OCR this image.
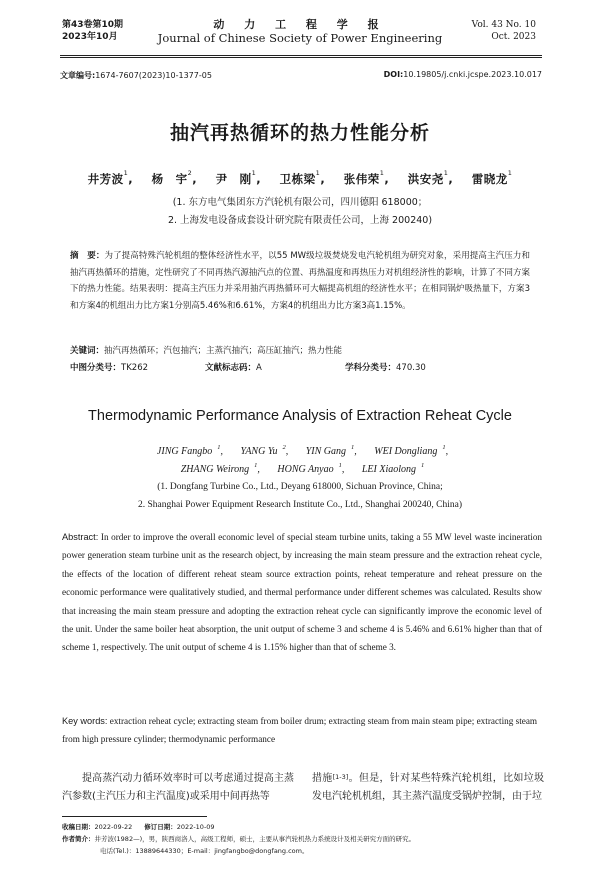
第43卷第10期
2023年10月
动 力 工 程 学 报
Journal of Chinese Society of Power Engineering
Vol. 43 No. 10
Oct. 2023
文章编号:1674-7607(2023)10-1377-05	DOI:10.19805/j.cnki.jcspe.2023.10.017
抽汽再热循环的热力性能分析
井芳波$^1$, 杨　宇$^2$, 尹　刚$^1$, 卫栋梁$^1$, 张伟荣$^1$, 洪安尧$^1$, 雷晓龙$^1$
(1. 东方电气集团东方汽轮机有限公司，四川德阳 618000；
2. 上海发电设备成套设计研究院有限责任公司，上海 200240)
摘　要：为了提高特殊汽轮机组的整体经济性水平，以55 MW级垃圾焚烧发电汽轮机组为研究对象，采用提高主汽压力和抽汽再热循环的措施，定性研究了不同再热汽源抽汽点的位置、再热温度和再热压力对机组经济性的影响，计算了不同方案下的热力性能。结果表明：提高主汽压力并采用抽汽再热循环可大幅提高机组的经济性水平；在相同锅炉吸热量下，方案3和方案4的机组出力比方案1分别高5.46%和6.61%，方案4的机组出力比方案3高1.15%。
关键词：抽汽再热循环；汽包抽汽；主蒸汽抽汽；高压缸抽汽；热力性能
中图分类号：TK262	文献标志码：A	学科分类号：470.30
Thermodynamic Performance Analysis of Extraction Reheat Cycle
JING Fangbo $^1$, YANG Yu $^2$, YIN Gang $^1$, WEI Dongliang $^1$,
ZHANG Weirong $^1$, HONG Anyao $^1$, LEI Xiaolong $^1$
(1. Dongfang Turbine Co., Ltd., Deyang 618000, Sichuan Province, China;
2. Shanghai Power Equipment Research Institute Co., Ltd., Shanghai 200240, China)
Abstract: In order to improve the overall economic level of special steam turbine units, taking a 55 MW level waste incineration power generation steam turbine unit as the research object, by increasing the main steam pressure and the extraction reheat cycle, the effects of the location of different reheat steam source extraction points, reheat temperature and reheat pressure on the economic performance were qualitatively studied, and thermal performance under different schemes was calculated. Results show that increasing the main steam pressure and adopting the extraction reheat cycle can significantly improve the economic level of the unit. Under the same boiler heat absorption, the unit output of scheme 3 and scheme 4 is 5.46% and 6.61% higher than that of scheme 1, respectively. The unit output of scheme 4 is 1.15% higher than that of scheme 3.
Key words: extraction reheat cycle; extracting steam from boiler drum; extracting steam from main steam pipe; extracting steam from high pressure cylinder; thermodynamic performance
提高蒸汽动力循环效率时可以考虑通过提高主蒸汽参数(主汽压力和主汽温度)或采用中间再热等
措施[1-3]。但是，针对某些特殊汽轮机组，比如垃圾发电汽轮机机组，其主蒸汽温度受锅炉控制，由于垃
收稿日期：2022-09-22 修订日期：2022-10-09
作者简介：井芳波(1982—)，男，陕西商洛人，高级工程师，硕士，主要从事汽轮机热力系统设计及相关研究方面的研究。
电话(Tel.)：13889644330；E-mail：jingfangbo@dongfang.com。
